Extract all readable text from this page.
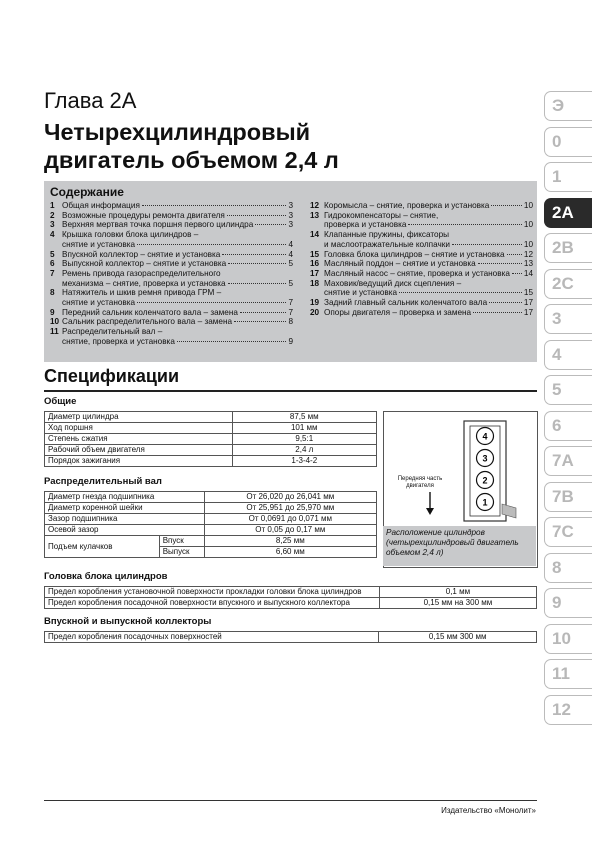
Глава 2А
Четырехцилиндровый
двигатель объемом 2,4 л
Содержание
1 Общая информация	3
2 Возможные процедуры ремонта двигателя	3
3 Верхняя мертвая точка поршня первого цилиндра	3
4 Крышка головки блока цилиндров –
снятие и установка	4
5 Впускной коллектор – снятие и установка	4
6 Выпускной коллектор – снятие и установка	5
7 Ремень привода газораспределительного
механизма – снятие, проверка и установка	5
8 Натяжитель и шкив ремня привода ГРМ –
снятие и установка	7
9 Передний сальник коленчатого вала – замена	7
10 Сальник распределительного вала – замена	8
11 Распределительный вал –
снятие, проверка и установка	9
12 Коромысла – снятие, проверка и установка	10
13 Гидрокомпенсаторы – снятие,
проверка и установка	10
14 Клапанные пружины, фиксаторы
и маслоотражательные колпачки	10
15 Головка блока цилиндров – снятие и установка 12
16 Масляный поддон – снятие и установка	13
17 Масляный насос – снятие, проверка и установка 14
18 Маховик/ведущий диск сцепления –
снятие и установка	15
19 Задний главный сальник коленчатого вала	17
20 Опоры двигателя – проверка и замена	17
Спецификации
Общие
Диаметр цилиндра	87,5 мм
Ход поршня	101 мм
Степень сжатия	9,5:1
Рабочий объем двигателя	2,4 л
Порядок зажигания	1-3-4-2
Распределительный вал
Диаметр гнезда подшипника		От 26,020 до 26,041 мм
Диаметр коренной шейки		От 25,951 до 25,970 мм
Зазор подшипника		От 0,0691 до 0,071 мм
Осевой зазор		От 0,05 до 0,17 мм
Подъем кулачков	Впуск	8,25 мм
	Выпуск	6,60 мм
Головка блока цилиндров
Предел коробления установочной поверхности прокладки головки блока цилиндров	0,1 мм
Предел коробления посадочной поверхности впускного и выпускного коллектора	0,15 мм на 300 мм
Впускной и выпускной коллекторы
Предел коробления посадочных поверхностей	0,15 мм 300 мм
4
3
2
1
Передняя часть двигателя
Расположение цилиндров (четырехцилиндровый двигатель объемом 2,4 л)
Э
0
1
2A
2B
2C
3
4
5
6
7A
7B
7C
8
9
10
11
12
Издательство «Монолит»
